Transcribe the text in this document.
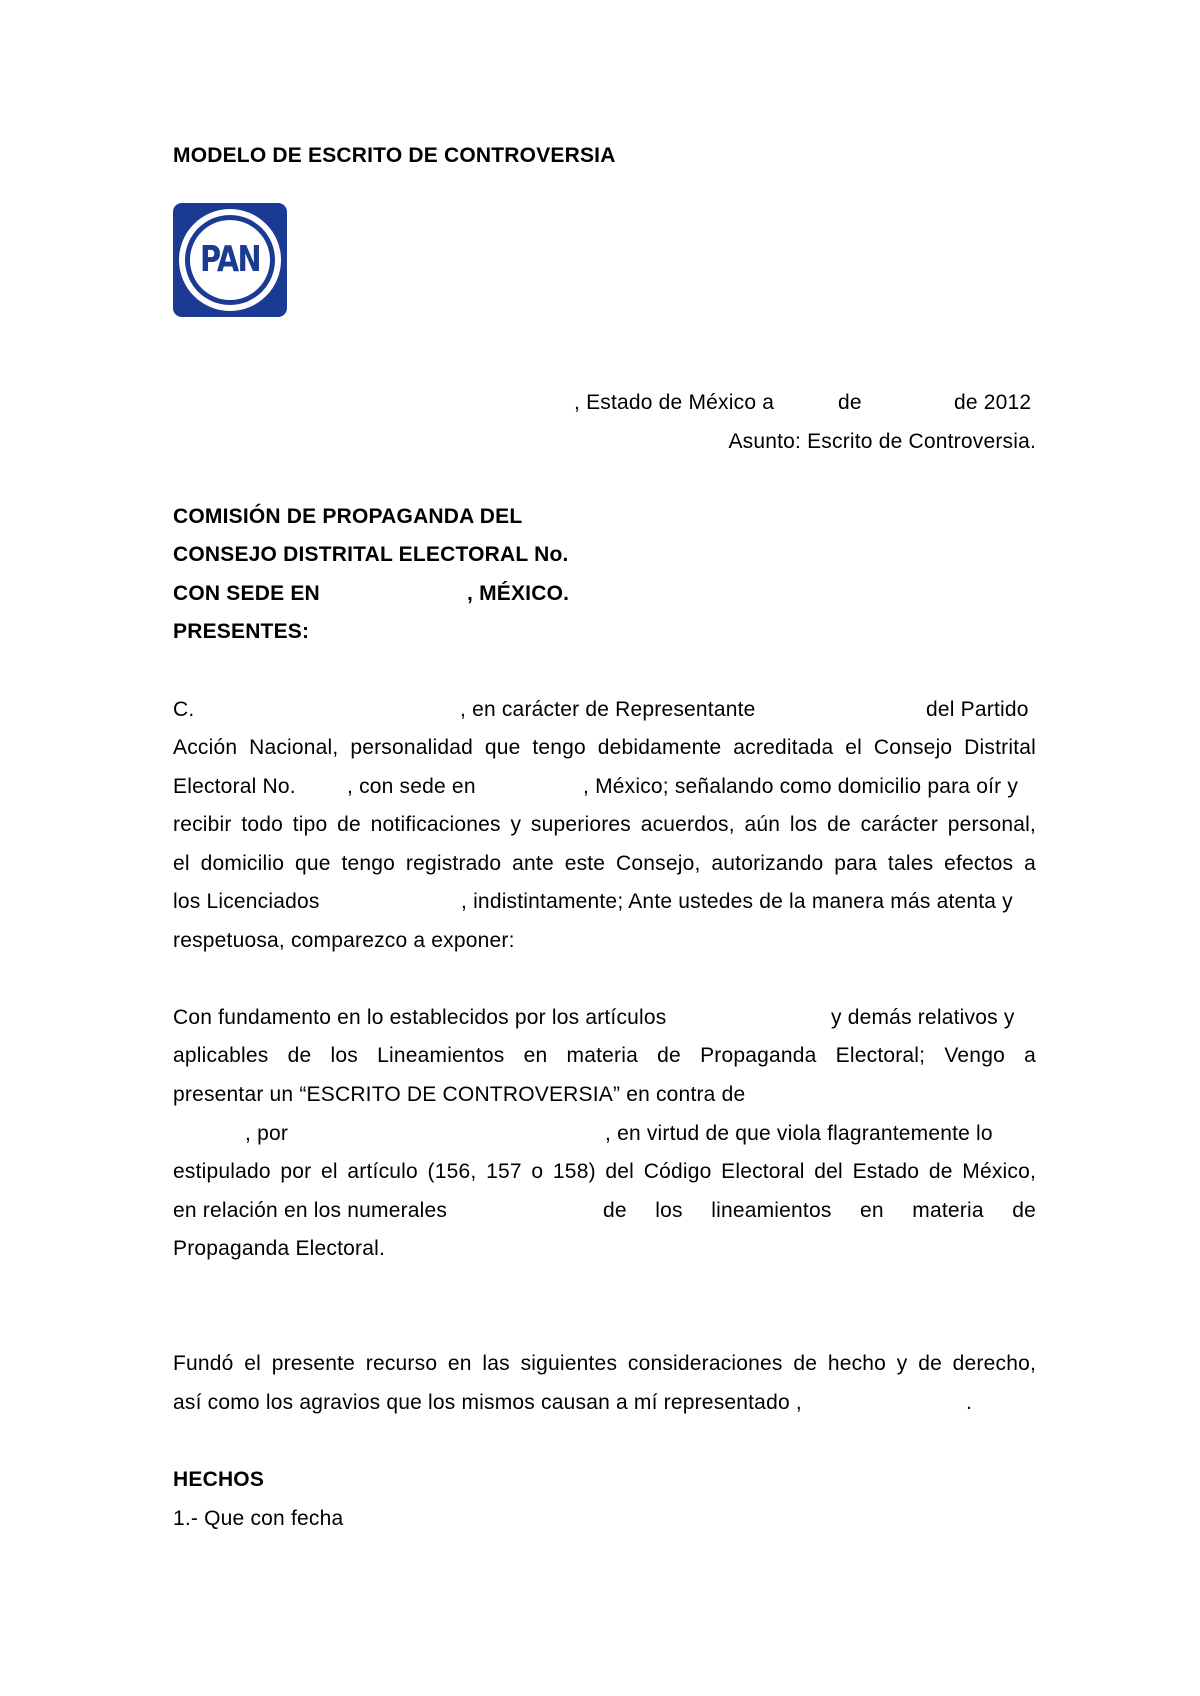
MODELO DE ESCRITO DE CONTROVERSIA
PAN
, Estado de México a	de	de 2012
Asunto: Escrito de Controversia.
COMISIÓN DE PROPAGANDA DEL
CONSEJO DISTRITAL ELECTORAL No.
CON SEDE EN	, MÉXICO.
PRESENTES:
C.	, en carácter de Representante	del Partido
Acción Nacional, personalidad que tengo debidamente acreditada el Consejo Distrital
Electoral No. , con sede en	, México; señalando como domicilio para oír y
recibir todo tipo de notificaciones y superiores acuerdos, aún los de carácter personal,
el domicilio que tengo registrado ante este Consejo, autorizando para tales efectos a
los Licenciados	, indistintamente; Ante ustedes de la manera más atenta y
respetuosa, comparezco a exponer:
Con fundamento en lo establecidos por los artículos	y demás relativos y
aplicables de los Lineamientos en materia de Propaganda Electoral; Vengo a
presentar un “ESCRITO DE CONTROVERSIA” en contra de
, por	, en virtud de que viola flagrantemente lo
estipulado por el artículo (156, 157 o 158) del Código Electoral del Estado de México,
en relación en los numerales	de los lineamientos en materia de
Propaganda Electoral.
Fundó el presente recurso en las siguientes consideraciones de hecho y de derecho,
así como los agravios que los mismos causan a mí representado ,	.
HECHOS
1.- Que con fecha
